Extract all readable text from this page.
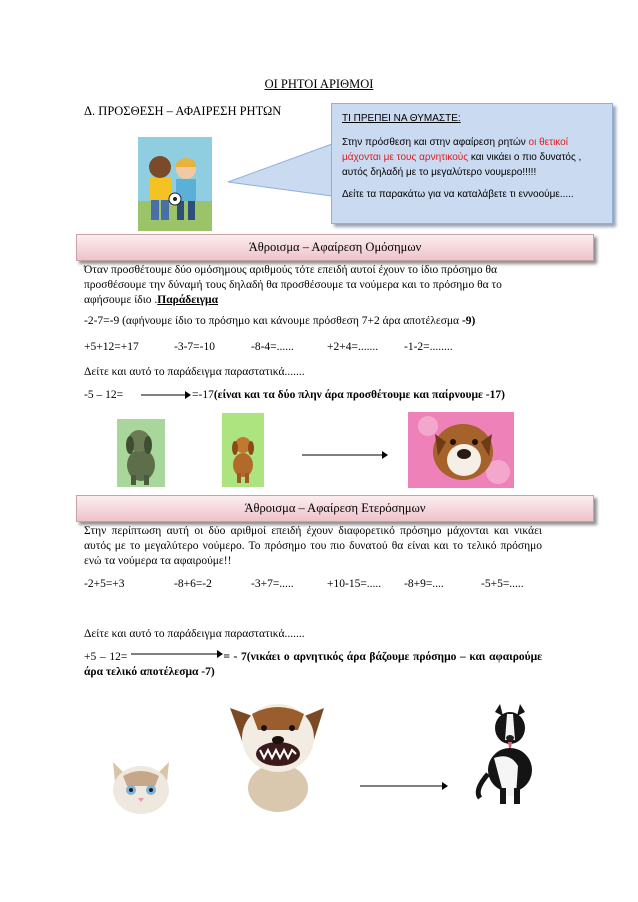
ΟΙ ΡΗΤΟΙ ΑΡΙΘΜΟΙ
Δ. ΠΡΟΣΘΕΣΗ – ΑΦΑΙΡΕΣΗ ΡΗΤΩΝ
ΤΙ ΠΡΕΠΕΙ ΝΑ ΘΥΜΑΣΤΕ:

Στην πρόσθεση και στην αφαίρεση ρητών οι θετικοί μάχονται με τους αρνητικούς και νικάει ο πιο δυνατός , αυτός δηλαδή με το μεγαλύτερο νουμερο!!!!!

Δείτε τα παρακάτω για να καταλάβετε τι εννοούμε.....

Άθροισμα – Αφαίρεση Ομόσημων
Όταν προσθέτουμε δύο ομόσημους αριθμούς τότε επειδή αυτοί έχουν το ίδιο πρόσημο θα προσθέσουμε την δύναμή τους δηλαδή θα προσθέσουμε τα νούμερα και το πρόσημο θα το αφήσουμε ίδιο .Παράδειγμα
-2-7=-9 (αφήνουμε ίδιο το πρόσημο και κάνουμε πρόσθεση 7+2 άρα αποτέλεσμα -9)
+5+12=+17	-3-7=-10	-8-4=......	+2+4=....... -1-2=........
Δείτε και αυτό το παράδειγμα παραστατικά.......
-5 – 12=	=-17(είναι και τα δύο πλην άρα προσθέτουμε και παίρνουμε -17)
Άθροισμα – Αφαίρεση Ετερόσημων
Στην περίπτωση αυτή οι δύο αριθμοί επειδή έχουν διαφορετικό πρόσημο μάχονται και νικάει αυτός με το μεγαλύτερο νούμερο. Το πρόσημο του πιο δυνατού θα είναι και το τελικό πρόσημο ενώ τα νούμερα τα αφαιρούμε!!
-2+5=+3	-8+6=-2	-3+7=.....	+10-15=..... -8+9=....	-5+5=.....
Δείτε και αυτό το παράδειγμα παραστατικά.......
+5 – 12=	= - 7(νικάει ο αρνητικός άρα βάζουμε πρόσημο – και αφαιρούμε άρα τελικό αποτέλεσμα -7)
